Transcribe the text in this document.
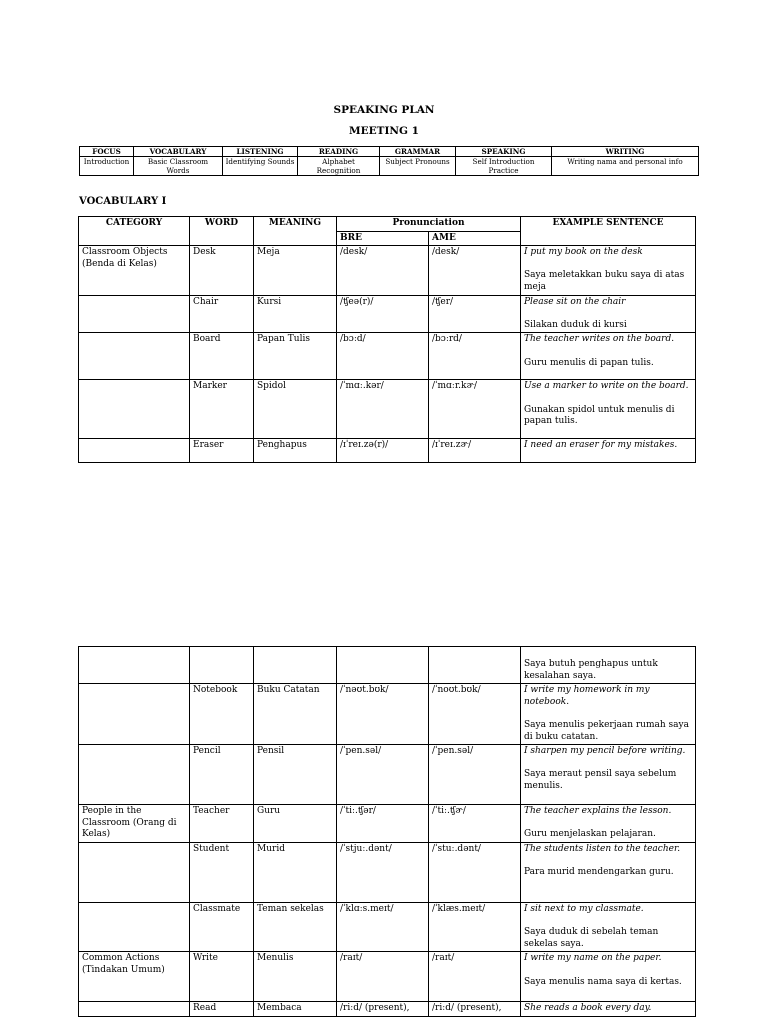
SPEAKING PLAN
MEETING 1
FOCUS	VOCABULARY	LISTENING	READING	GRAMMAR	SPEAKING	WRITING
Introduction	Basic Classroom Words	Identifying Sounds	Alphabet Recognition	Subject Pronouns	Self Introduction Practice	Writing nama and personal info
VOCABULARY I
CATEGORY	WORD	MEANING	Pronunciation		EXAMPLE SENTENCE
			BRE	AME	
Classroom Objects (Benda di Kelas)	Desk	Meja	/desk/	/desk/	I put my book on the desk
Saya meletakkan buku saya di atas meja

	Chair	Kursi	/ʧeə(r)/	/ʧer/	Please sit on the chair
Silakan duduk di kursi

	Board	Papan Tulis	/bɔːd/	/bɔːrd/	The teacher writes on the board.
Guru menulis di papan tulis.

	Marker	Spidol	/ˈmɑː.kər/	/ˈmɑːr.kɚ/	Use a marker to write on the board.
Gunakan spidol untuk menulis di papan tulis.

	Eraser	Penghapus	/ɪˈreɪ.zə(r)/	/ɪˈreɪ.zɚ/	I need an eraser for my mistakes.
					Saya butuh penghapus untuk kesalahan saya.
	Notebook	Buku Catatan	/ˈnəʊt.bʊk/	/ˈnoʊt.bʊk/	I write my homework in my notebook.
Saya menulis pekerjaan rumah saya di buku catatan.

	Pencil	Pensil	/ˈpen.səl/	/ˈpen.səl/	I sharpen my pencil before writing.
Saya meraut pensil saya sebelum menulis.

People in the Classroom (Orang di Kelas)	Teacher	Guru	/ˈtiː.ʧər/	/ˈtiː.ʧɚ/	The teacher explains the lesson.
Guru menjelaskan pelajaran.

	Student	Murid	/ˈstjuː.dənt/	/ˈstuː.dənt/	The students listen to the teacher.
Para murid mendengarkan guru.

	Classmate	Teman sekelas	/ˈklɑːs.meɪt/	/ˈklæs.meɪt/	I sit next to my classmate.
Saya duduk di sebelah teman sekelas saya.

Common Actions (Tindakan Umum)	Write	Menulis	/raɪt/	/raɪt/	I write my name on the paper.
Saya menulis nama saya di kertas.

	Read	Membaca	/riːd/ (present),	/riːd/ (present),	She reads a book every day.
